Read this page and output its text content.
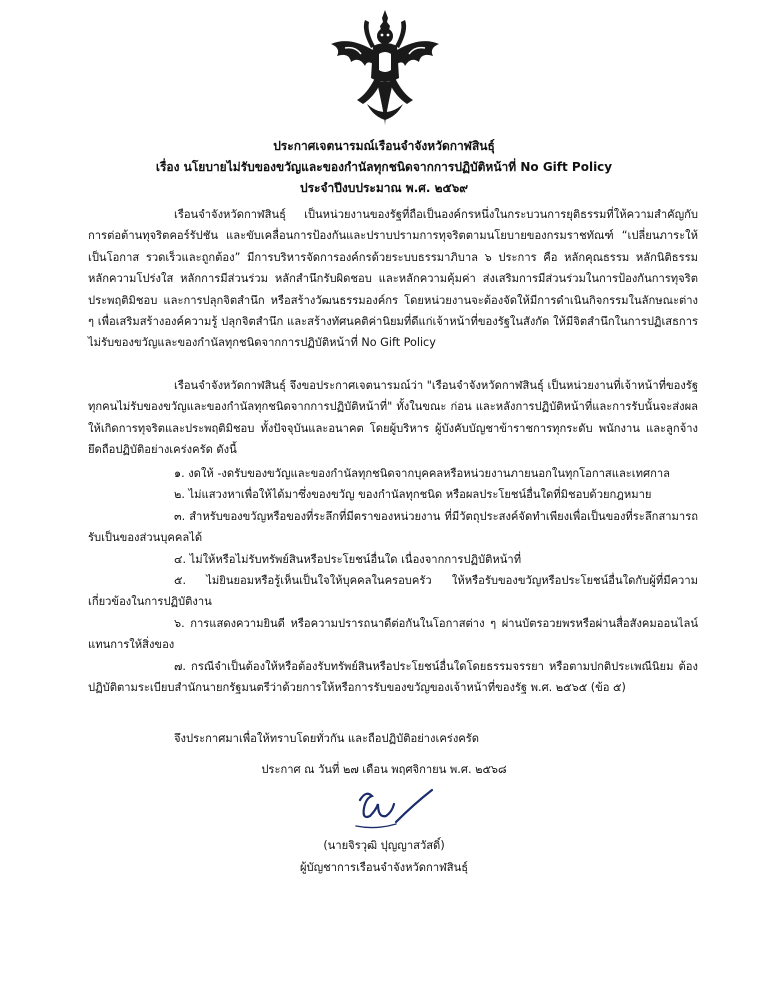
ประกาศเจตนารมณ์เรือนจำจังหวัดกาฬสินธุ์
เรื่อง นโยบายไม่รับของขวัญและของกำนัลทุกชนิดจากการปฏิบัติหน้าที่ No Gift Policy
ประจำปีงบประมาณ พ.ศ. ๒๕๖๙
เรือนจำจังหวัดกาฬสินธุ์ เป็นหน่วยงานของรัฐที่ถือเป็นองค์กรหนึ่งในกระบวนการยุติธรรมที่ให้ความสำคัญกับการต่อต้านทุจริตคอร์รัปชัน และขับเคลื่อนการป้องกันและปราบปรามการทุจริตตามนโยบายของกรมราชทัณฑ์ “เปลี่ยนภาระให้เป็นโอกาส รวดเร็วและถูกต้อง” มีการบริหารจัดการองค์กรด้วยระบบธรรมาภิบาล ๖ ประการ คือ หลักคุณธรรม หลักนิติธรรม หลักความโปร่งใส หลักการมีส่วนร่วม หลักสำนึกรับผิดชอบ และหลักความคุ้มค่า ส่งเสริมการมีส่วนร่วมในการป้องกันการทุจริต ประพฤติมิชอบ และการปลุกจิตสำนึก หรือสร้างวัฒนธรรมองค์กร โดยหน่วยงานจะต้องจัดให้มีการดำเนินกิจกรรมในลักษณะต่าง ๆ เพื่อเสริมสร้างองค์ความรู้ ปลุกจิตสำนึก และสร้างทัศนคติค่านิยมที่ดีแก่เจ้าหน้าที่ของรัฐในสังกัด ให้มีจิตสำนึกในการปฏิเสธการไม่รับของขวัญและของกำนัลทุกชนิดจากการปฏิบัติหน้าที่ No Gift Policy
เรือนจำจังหวัดกาฬสินธุ์ จึงขอประกาศเจตนารมณ์ว่า "เรือนจำจังหวัดกาฬสินธุ์ เป็นหน่วยงานที่เจ้าหน้าที่ของรัฐทุกคนไม่รับของขวัญและของกำนัลทุกชนิดจากการปฏิบัติหน้าที่" ทั้งในขณะ ก่อน และหลังการปฏิบัติหน้าที่และการรับนั้นจะส่งผลให้เกิดการทุจริตและประพฤติมิชอบ ทั้งปัจจุบันและอนาคต โดยผู้บริหาร ผู้บังคับบัญชาข้าราชการทุกระดับ พนักงาน และลูกจ้าง ยึดถือปฏิบัติอย่างเคร่งครัด ดังนี้
๑. งดให้ -งดรับของขวัญและของกำนัลทุกชนิดจากบุคคลหรือหน่วยงานภายนอกในทุกโอกาสและเทศกาล
๒. ไม่แสวงหาเพื่อให้ได้มาซึ่งของขวัญ ของกำนัลทุกชนิด หรือผลประโยชน์อื่นใดที่มิชอบด้วยกฎหมาย
๓. สำหรับของขวัญหรือของที่ระลึกที่มีตราของหน่วยงาน ที่มีวัตถุประสงค์จัดทำเพียงเพื่อเป็นของที่ระลึกสามารถรับเป็นของส่วนบุคคลได้
๔. ไม่ให้หรือไม่รับทรัพย์สินหรือประโยชน์อื่นใด เนื่องจากการปฏิบัติหน้าที่
๕. ไม่ยินยอมหรือรู้เห็นเป็นใจให้บุคคลในครอบครัว ให้หรือรับของขวัญหรือประโยชน์อื่นใดกับผู้ที่มีความเกี่ยวข้องในการปฏิบัติงาน
๖. การแสดงความยินดี หรือความปรารถนาดีต่อกันในโอกาสต่าง ๆ ผ่านบัตรอวยพรหรือผ่านสื่อสังคมออนไลน์ แทนการให้สิ่งของ
๗. กรณีจำเป็นต้องให้หรือต้องรับทรัพย์สินหรือประโยชน์อื่นใดโดยธรรมจรรยา หรือตามปกติประเพณีนิยม ต้องปฏิบัติตามระเบียบสำนักนายกรัฐมนตรีว่าด้วยการให้หรือการรับของขวัญของเจ้าหน้าที่ของรัฐ พ.ศ. ๒๕๖๕ (ข้อ ๕)
จึงประกาศมาเพื่อให้ทราบโดยทั่วกัน และถือปฏิบัติอย่างเคร่งครัด
ประกาศ ณ วันที่ ๒๗ เดือน พฤศจิกายน พ.ศ. ๒๕๖๘
(นายจิรวุฒิ ปุญญาสวัสดิ์)
ผู้บัญชาการเรือนจำจังหวัดกาฬสินธุ์
